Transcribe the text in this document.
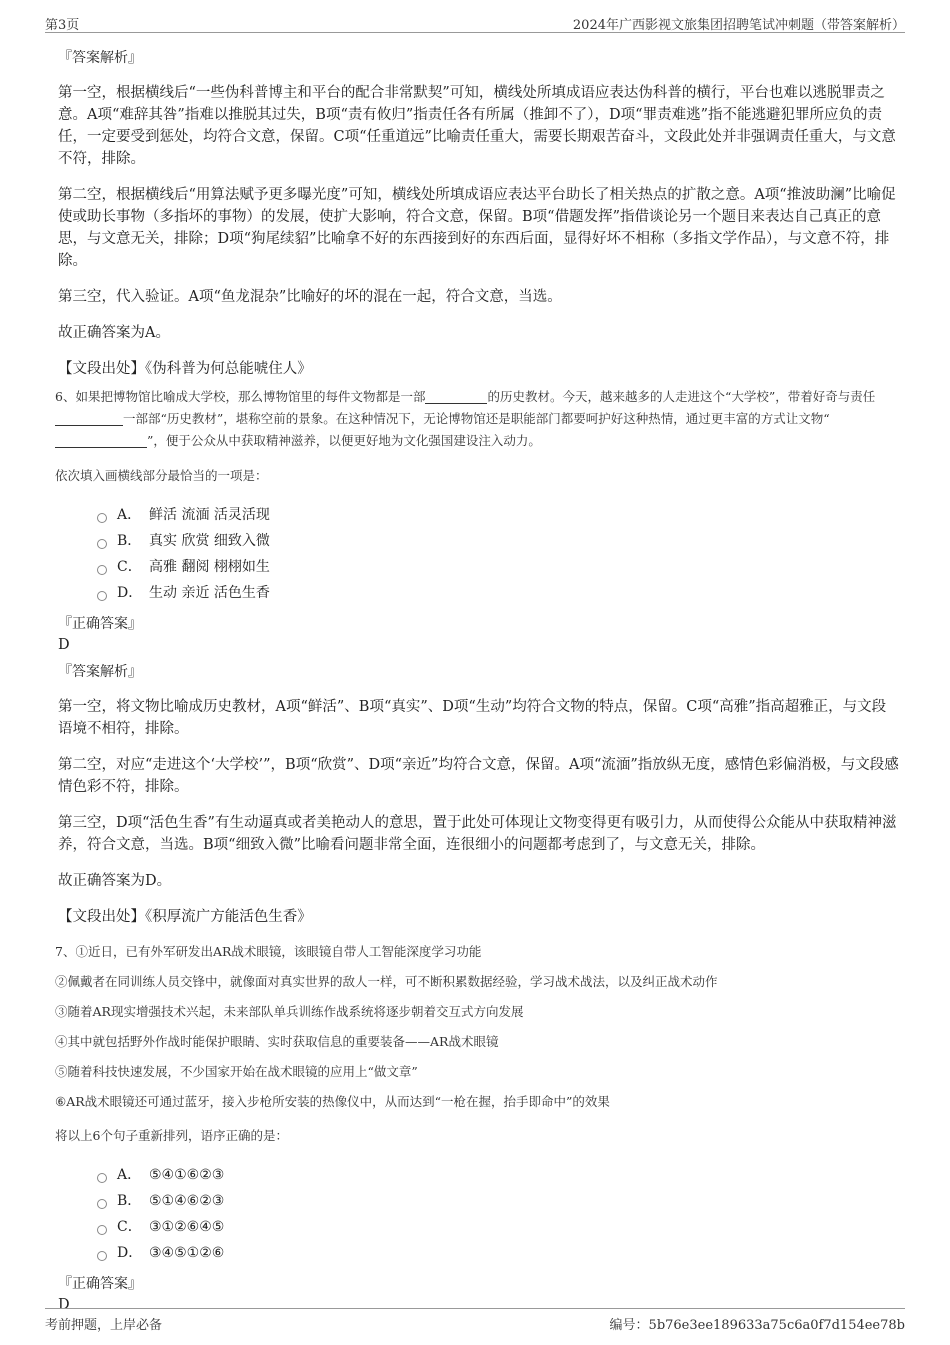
第3页	2024年广西影视文旅集团招聘笔试冲刺题（带答案解析）
『答案解析』
第一空，根据横线后“一些伪科普博主和平台的配合非常默契”可知，横线处所填成语应表达伪科普的横行，平台也难以逃脱罪责之意。A项“难辞其咎”指难以推脱其过失，B项“责有攸归”指责任各有所属（推卸不了），D项“罪责难逃”指不能逃避犯罪所应负的责任，一定要受到惩处，均符合文意，保留。C项“任重道远”比喻责任重大，需要长期艰苦奋斗，文段此处并非强调责任重大，与文意不符，排除。
第二空，根据横线后“用算法赋予更多曝光度”可知，横线处所填成语应表达平台助长了相关热点的扩散之意。A项“推波助澜”比喻促使或助长事物（多指坏的事物）的发展，使扩大影响，符合文意，保留。B项“借题发挥”指借谈论另一个题目来表达自己真正的意思，与文意无关，排除；D项“狗尾续貂”比喻拿不好的东西接到好的东西后面，显得好坏不相称（多指文学作品），与文意不符，排除。
第三空，代入验证。A项“鱼龙混杂”比喻好的坏的混在一起，符合文意，当选。
故正确答案为A。
【文段出处】《伪科普为何总能唬住人》
6、如果把博物馆比喻成大学校，那么博物馆里的每件文物都是一部	的历史教材。今天，越来越多的人走进这个“大学校”，带着好奇与责任一部部“历史教材”，堪称空前的景象。在这种情况下，无论博物馆还是职能部门都要呵护好这种热情，通过更丰富的方式让文物“”，便于公众从中获取精神滋养，以便更好地为文化强国建设注入动力。
依次填入画横线部分最恰当的一项是：
A． 鲜活 流湎 活灵活现
B． 真实 欣赏 细致入微
C． 高雅 翻阅 栩栩如生
D． 生动 亲近 活色生香
『正确答案』
D
『答案解析』
第一空，将文物比喻成历史教材，A项“鲜活”、B项“真实”、D项“生动”均符合文物的特点，保留。C项“高雅”指高超雅正，与文段语境不相符，排除。
第二空，对应“走进这个‘大学校’”，B项“欣赏”、D项“亲近”均符合文意，保留。A项“流湎”指放纵无度，感情色彩偏消极，与文段感情色彩不符，排除。
第三空，D项“活色生香”有生动逼真或者美艳动人的意思，置于此处可体现让文物变得更有吸引力，从而使得公众能从中获取精神滋养，符合文意，当选。B项“细致入微”比喻看问题非常全面，连很细小的问题都考虑到了，与文意无关，排除。
故正确答案为D。
【文段出处】《积厚流广方能活色生香》
7、①近日，已有外军研发出AR战术眼镜，该眼镜自带人工智能深度学习功能
②佩戴者在同训练人员交锋中，就像面对真实世界的敌人一样，可不断积累数据经验，学习战术战法，以及纠正战术动作
③随着AR现实增强技术兴起，未来部队单兵训练作战系统将逐步朝着交互式方向发展
④其中就包括野外作战时能保护眼睛、实时获取信息的重要装备——AR战术眼镜
⑤随着科技快速发展，不少国家开始在战术眼镜的应用上“做文章”
⑥AR战术眼镜还可通过蓝牙，接入步枪所安装的热像仪中，从而达到“一枪在握，抬手即命中”的效果
将以上6个句子重新排列，语序正确的是：
A． ⑤④①⑥②③
B． ⑤①④⑥②③
C． ③①②⑥④⑤
D． ③④⑤①②⑥
『正确答案』
D
考前押题，上岸必备	编号：5b76e3ee189633a75c6a0f7d154ee78b
